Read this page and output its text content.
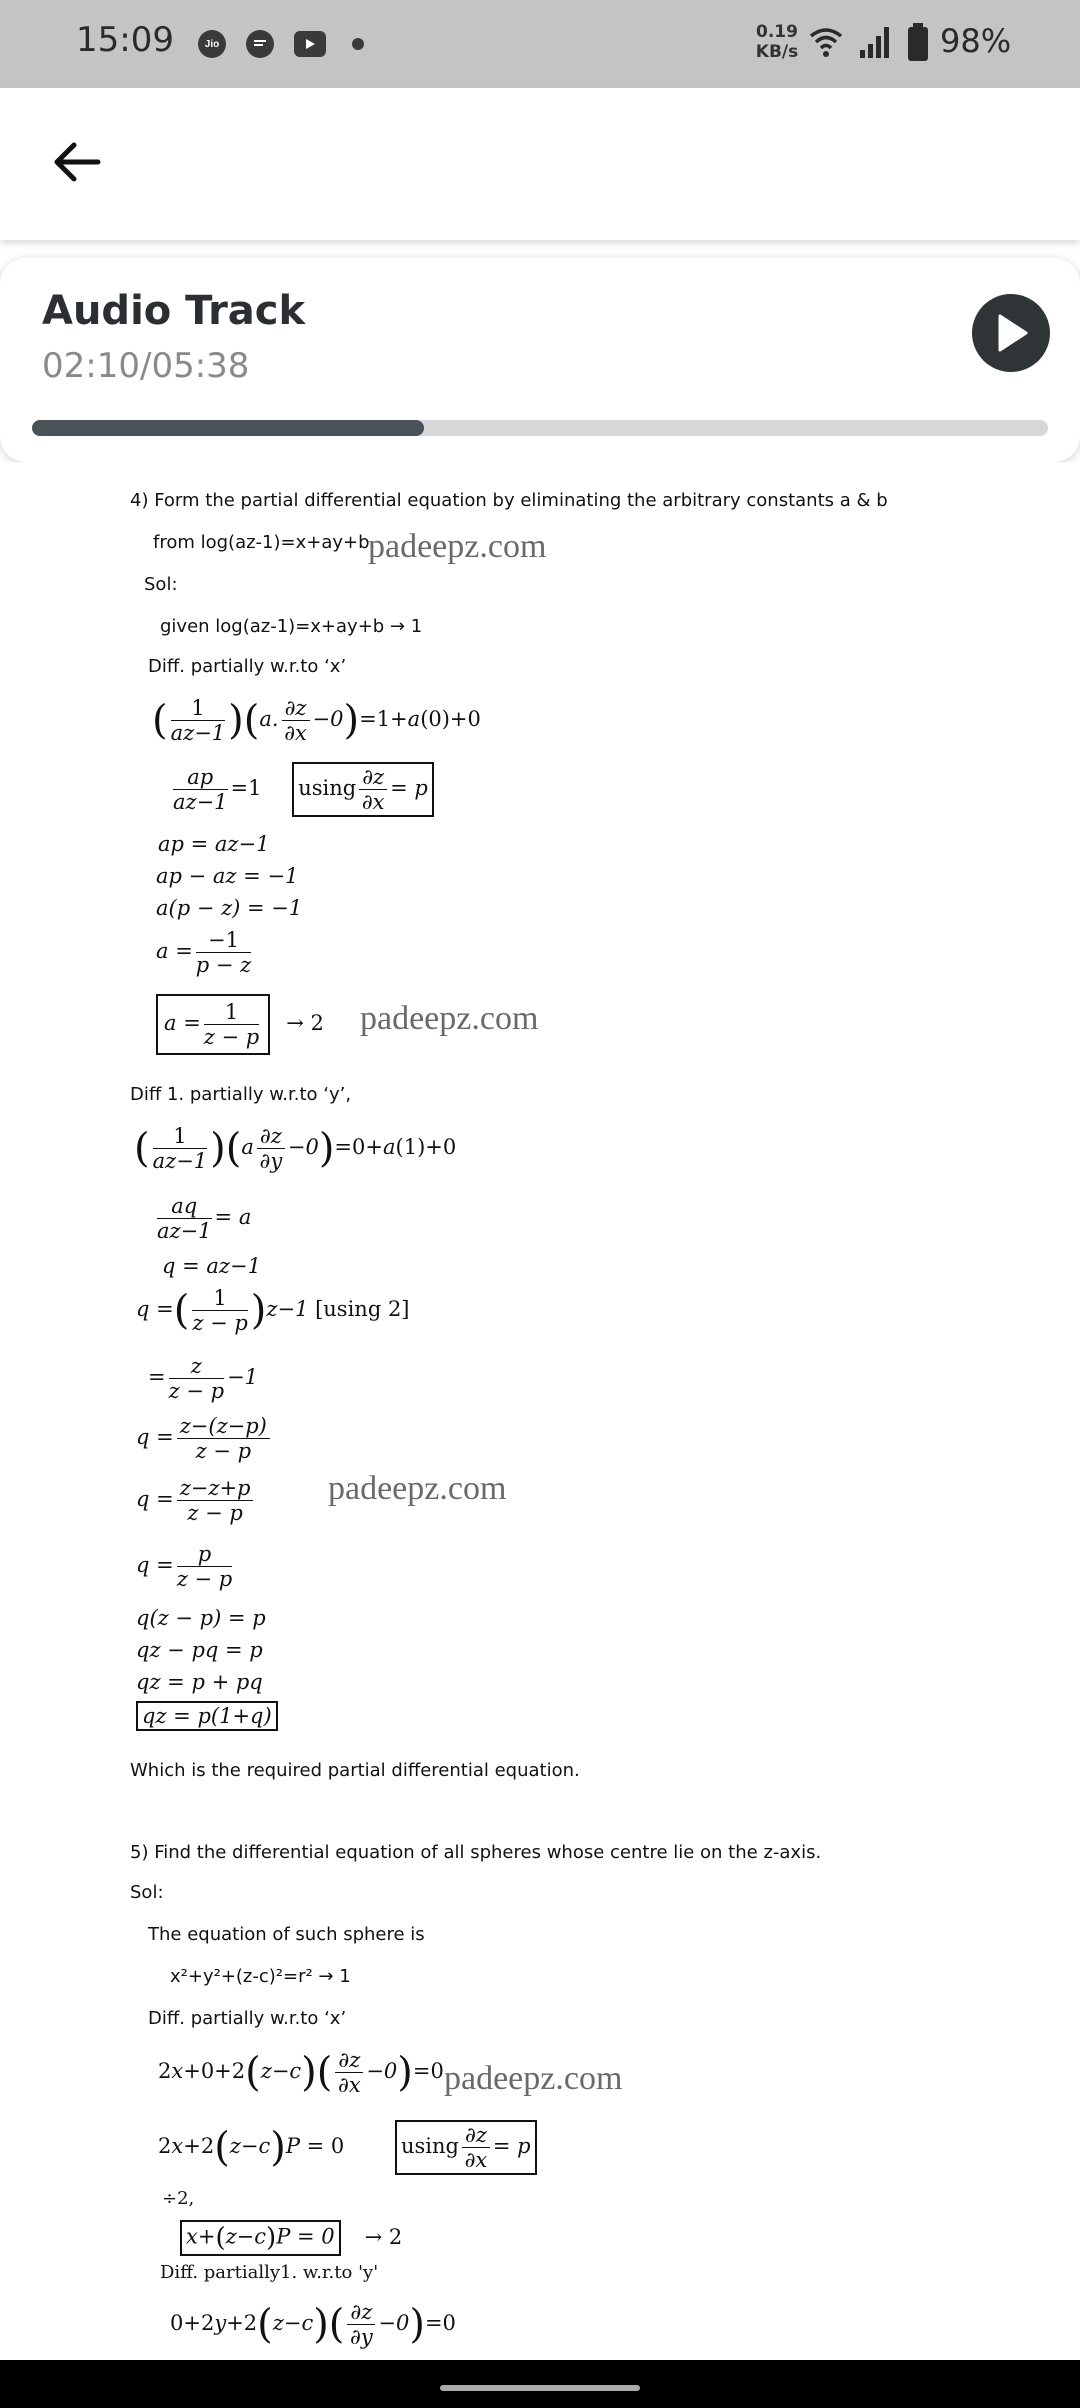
15:09	Jio
0.19
KB/s	98%
Audio Track
02:10/05:38
4) Form the partial differential equation by eliminating the arbitrary constants a & b
from log(az-1)=x+ay+b.
padeepz.com
Sol:
given log(az-1)=x+ay+b → 1
Diff. partially w.r.to ‘x’
( $\frac{1}{az-1} )(a$. $\frac{\partial z}{\partial x} -0)=1+a(0)+0$
$\frac{ap}{az-1} =1$ using $\frac{\partial z}{\partial x} = p$
ap = az−1
ap − az = −1
a(p − z) = −1
$a = \frac{-1}{p - z}$
$a = \frac{1}{z - p} \to 2$ padeepz.com
Diff 1. partially w.r.to ‘y’,
( $\frac{1}{az-1} )(a \frac{\partial z}{\partial y} -0)=0+a(1)+0$
$\frac{aq}{az-1} = a$
q = az−1
q =( $\frac{1}{z - p} )z-1$ [using 2]
= $\frac{z}{z - p} -1$
$q = \frac{z-(z-p)}{z - p}$
$q = \frac{z-z+p}{z - p}$ padeepz.com
$q = \frac{p}{z - p}$
q(z − p) = p
qz − pq = p
qz = p + pq
qz = p(1+q)
Which is the required partial differential equation.
5) Find the differential equation of all spheres whose centre lie on the z-axis.
Sol:
The equation of such sphere is
x²+y²+(z-c)²=r² → 1
Diff. partially w.r.to ‘x’
$2x+0+2(z-c)( \frac{\partial z}{\partial x} -0)=0$ padeepz.com
2x+2(z−c)P = 0	using $\frac{\partial z}{\partial x} = p$
÷2,
x+(z−c)P = 0 → 2
Diff. partially1. w.r.to 'y'
$0+2y+2(z-c)( \frac{\partial z}{\partial y} -0)=0$
